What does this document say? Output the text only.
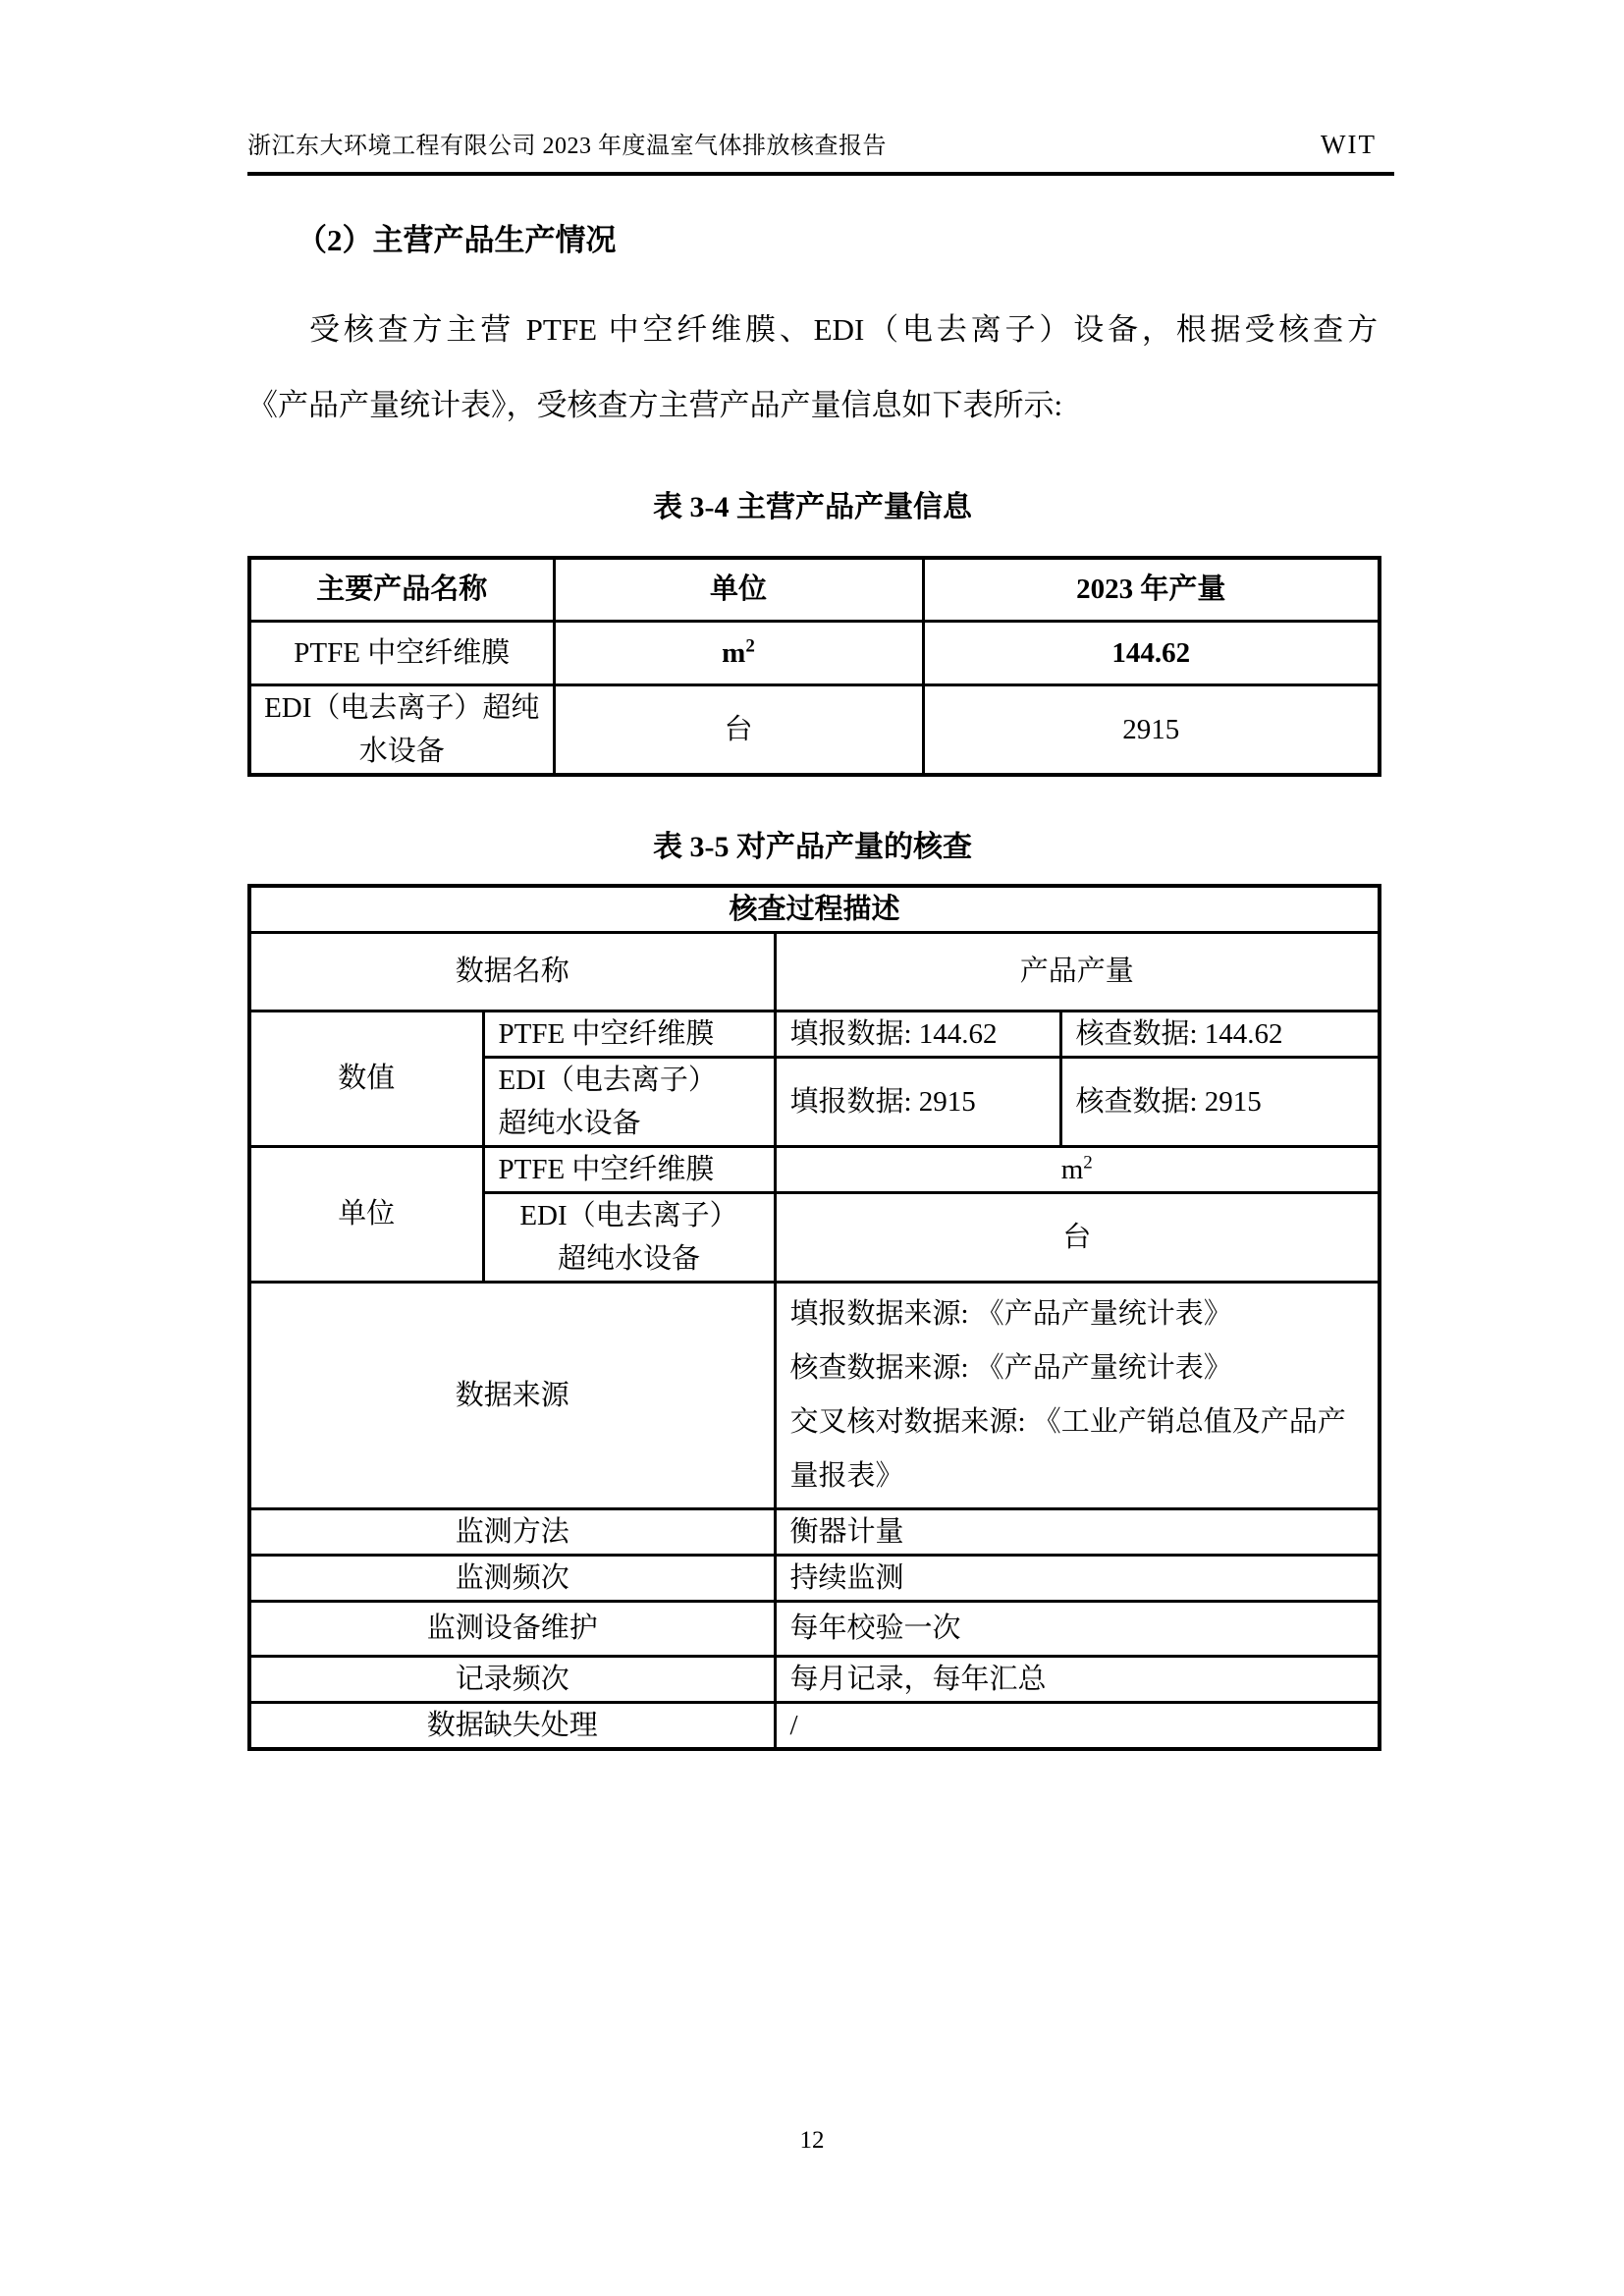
浙江东大环境工程有限公司 2023 年度温室气体排放核查报告	WIT
（2）主营产品生产情况
受核查方主营 PTFE 中空纤维膜、EDI（电去离子）设备，根据受核查方
《产品产量统计表》，受核查方主营产品产量信息如下表所示:
表 3-4 主营产品产量信息
主要产品名称	单位	2023 年产量
PTFE 中空纤维膜	$m^2$	144.62
EDI（电去离子）超纯水设备	台	2915
表 3-5 对产品产量的核查
核查过程描述			
数据名称		产品产量	
数值	PTFE 中空纤维膜	填报数据: 144.62	核查数据: 144.62
	EDI（电去离子）超纯水设备	填报数据: 2915	核查数据: 2915
单位	PTFE 中空纤维膜	$m^2$
	EDI（电去离子）超纯水设备	台	
数据来源		填报数据来源: 《产品产量统计表》
核查数据来源: 《产品产量统计表》
交叉核对数据来源: 《工业产销总值及产品产量报表》	

监测方法		衡器计量	
监测频次		持续监测	
监测设备维护		每年校验一次	
记录频次		每月记录，每年汇总	
数据缺失处理		/	
12
